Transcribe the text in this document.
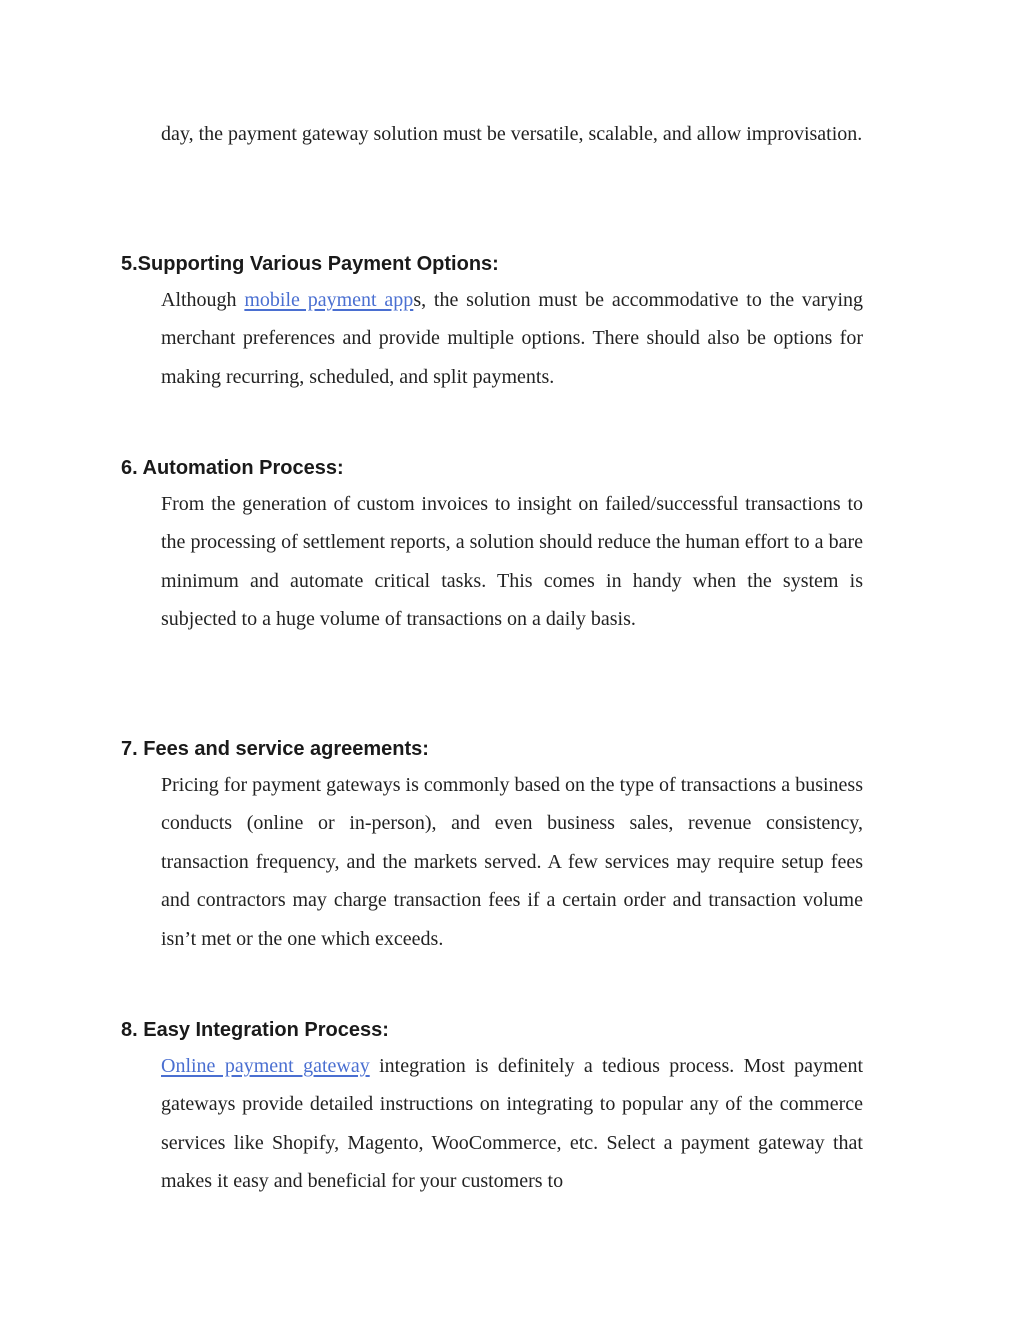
day, the payment gateway solution must be versatile, scalable, and allow improvisation.

5.Supporting Various Payment Options:

Although mobile payment apps, the solution must be accommodative to the varying merchant preferences and provide multiple options. There should also be options for making recurring, scheduled, and split payments.

6. Automation Process:

From the generation of custom invoices to insight on failed/successful transactions to the processing of settlement reports, a solution should reduce the human effort to a bare minimum and automate critical tasks. This comes in handy when the system is subjected to a huge volume of transactions on a daily basis.

7. Fees and service agreements:

Pricing for payment gateways is commonly based on the type of transactions a business conducts (online or in-person), and even business sales, revenue consistency, transaction frequency, and the markets served. A few services may require setup fees and contractors may charge transaction fees if a certain order and transaction volume isn’t met or the one which exceeds.

8. Easy Integration Process:

Online payment gateway integration is definitely a tedious process. Most payment gateways provide detailed instructions on integrating to popular any of the commerce services like Shopify, Magento, WooCommerce, etc. Select a payment gateway that makes it easy and beneficial for your customers to
